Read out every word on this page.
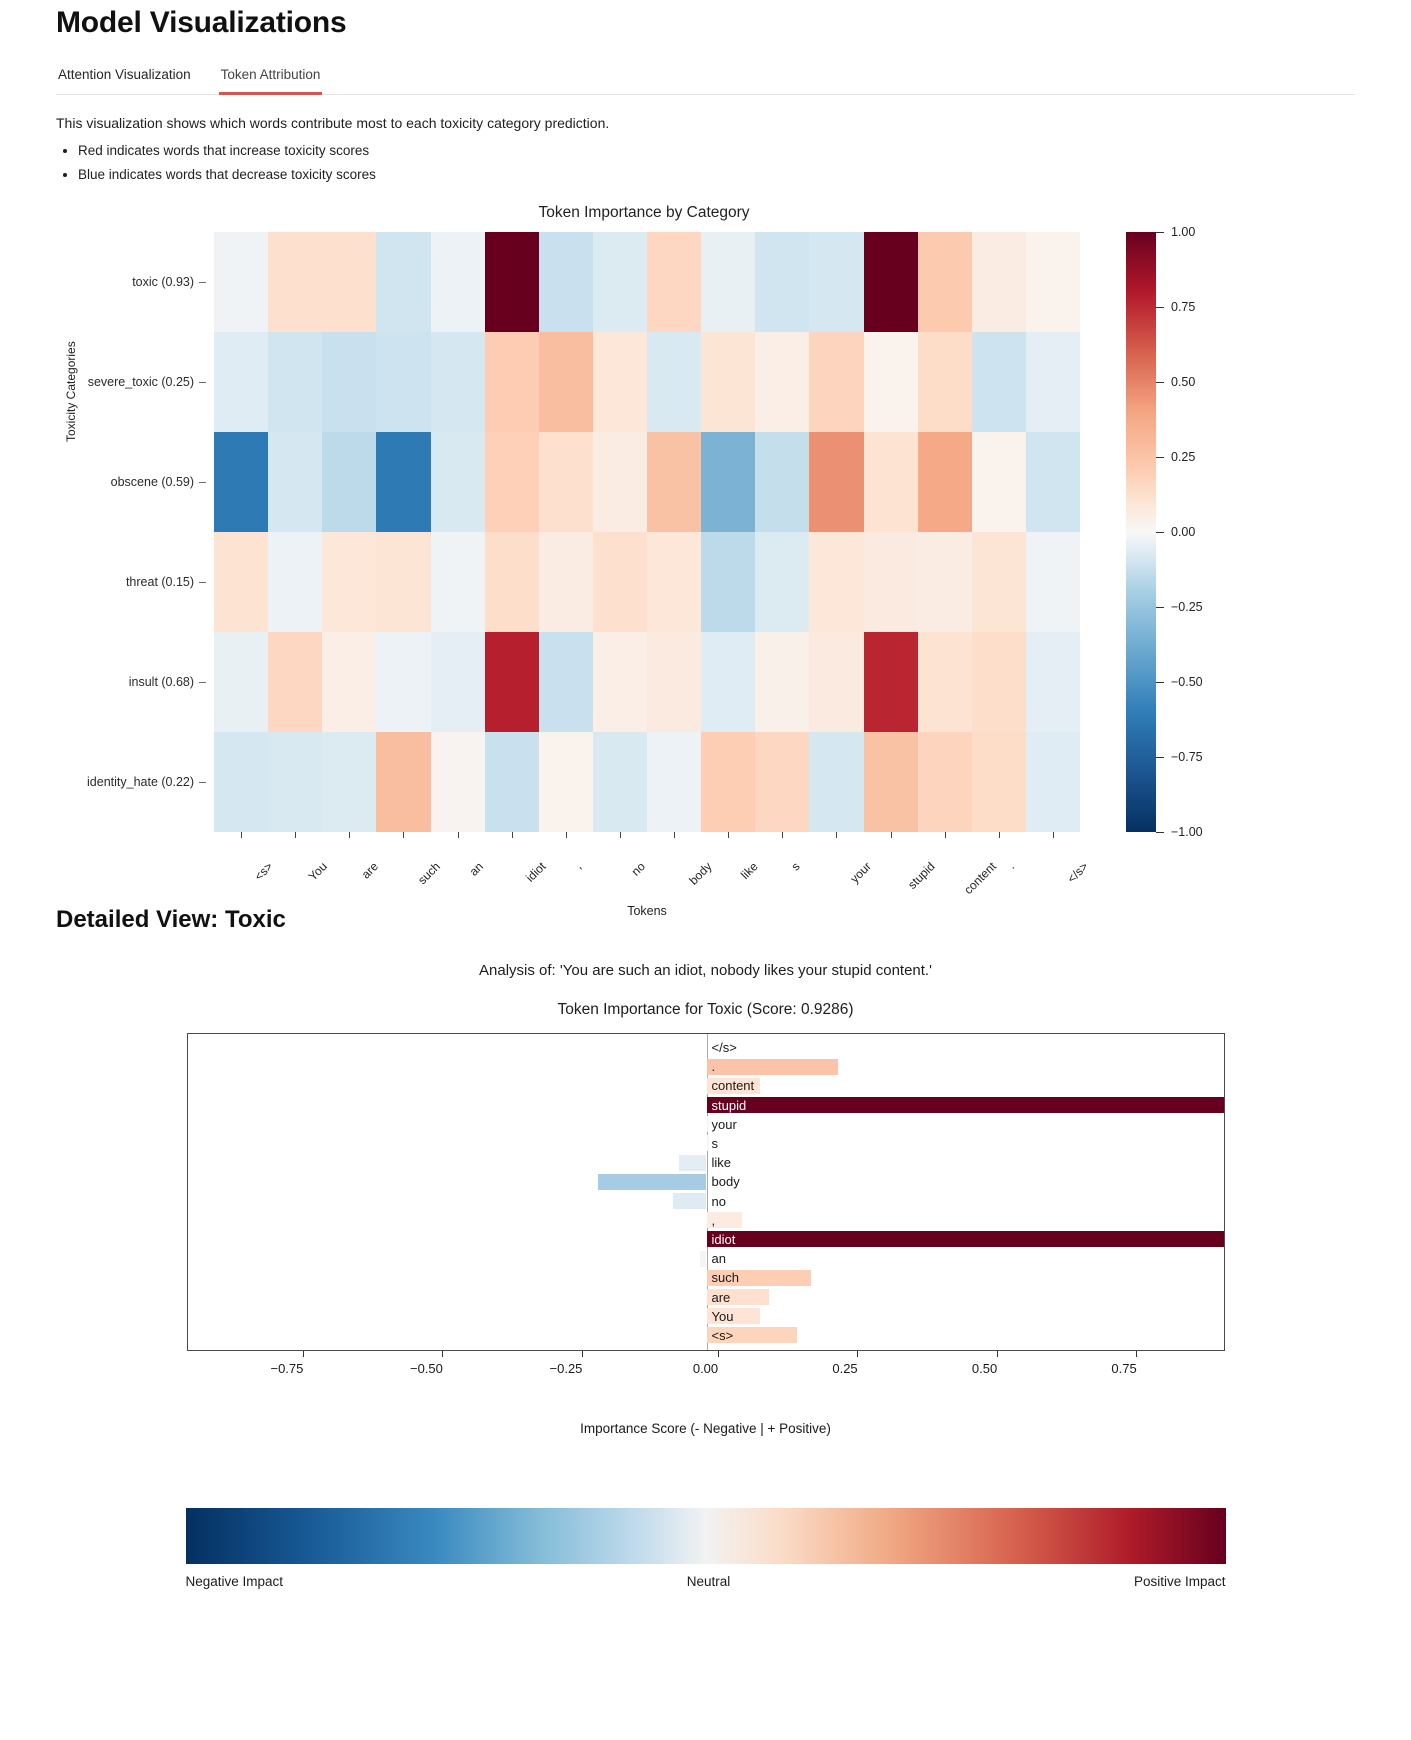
Model Visualizations
Attention Visualization Token Attribution
This visualization shows which words contribute most to each toxicity category prediction.
• Red indicates words that increase toxicity scores
• Blue indicates words that decrease toxicity scores
Token Importance by Category
Toxicity Categories
toxic (0.93) –
severe_toxic (0.25) –
obscene (0.59) –
threat (0.15) –
insult (0.68) –
identity_hate (0.22) –
<s>	You	are	such	an	idiot	,	no	body	like	s	your	stupid	content .	</s>
Tokens
1.00
0.75
0.50
0.25
0.00
−0.25
−0.50
−0.75
−1.00
Detailed View: Toxic
Analysis of: 'You are such an idiot, nobody likes your stupid content.'
Token Importance for Toxic (Score: 0.9286)
</s>
.
content
stupid
your
s
like
body
no
,
idiot
an
such
are
You
<s>
−0.75	−0.50	−0.25	0.00	0.25	0.50	0.75
Importance Score (- Negative | + Positive)
Negative Impact	Neutral	Positive Impact
